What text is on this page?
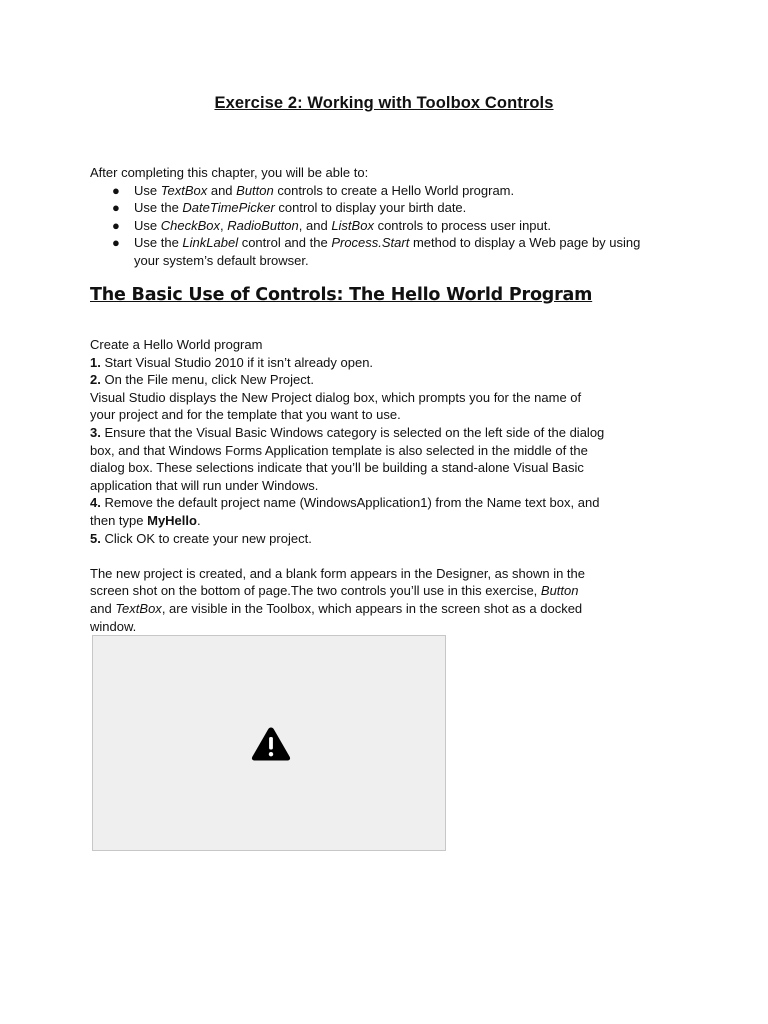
Exercise 2: Working with Toolbox Controls
After completing this chapter, you will be able to:
● Use TextBox and Button controls to create a Hello World program.
● Use the DateTimePicker control to display your birth date.
● Use CheckBox, RadioButton, and ListBox controls to process user input.
● Use the LinkLabel control and the Process.Start method to display a Web page by using
your system’s default browser.
The Basic Use of Controls: The Hello World Program

Create a Hello World program

1. Start Visual Studio 2010 if it isn’t already open.

2. On the File menu, click New Project.

Visual Studio displays the New Project dialog box, which prompts you for the name of

your project and for the template that you want to use.

3. Ensure that the Visual Basic Windows category is selected on the left side of the dialog

box, and that Windows Forms Application template is also selected in the middle of the

dialog box. These selections indicate that you’ll be building a stand-alone Visual Basic

application that will run under Windows.

4. Remove the default project name (WindowsApplication1) from the Name text box, and

then type MyHello.

5. Click OK to create your new project.

The new project is created, and a blank form appears in the Designer, as shown in the

screen shot on the bottom of page.The two controls you’ll use in this exercise, Button

and TextBox, are visible in the Toolbox, which appears in the screen shot as a docked

window.
